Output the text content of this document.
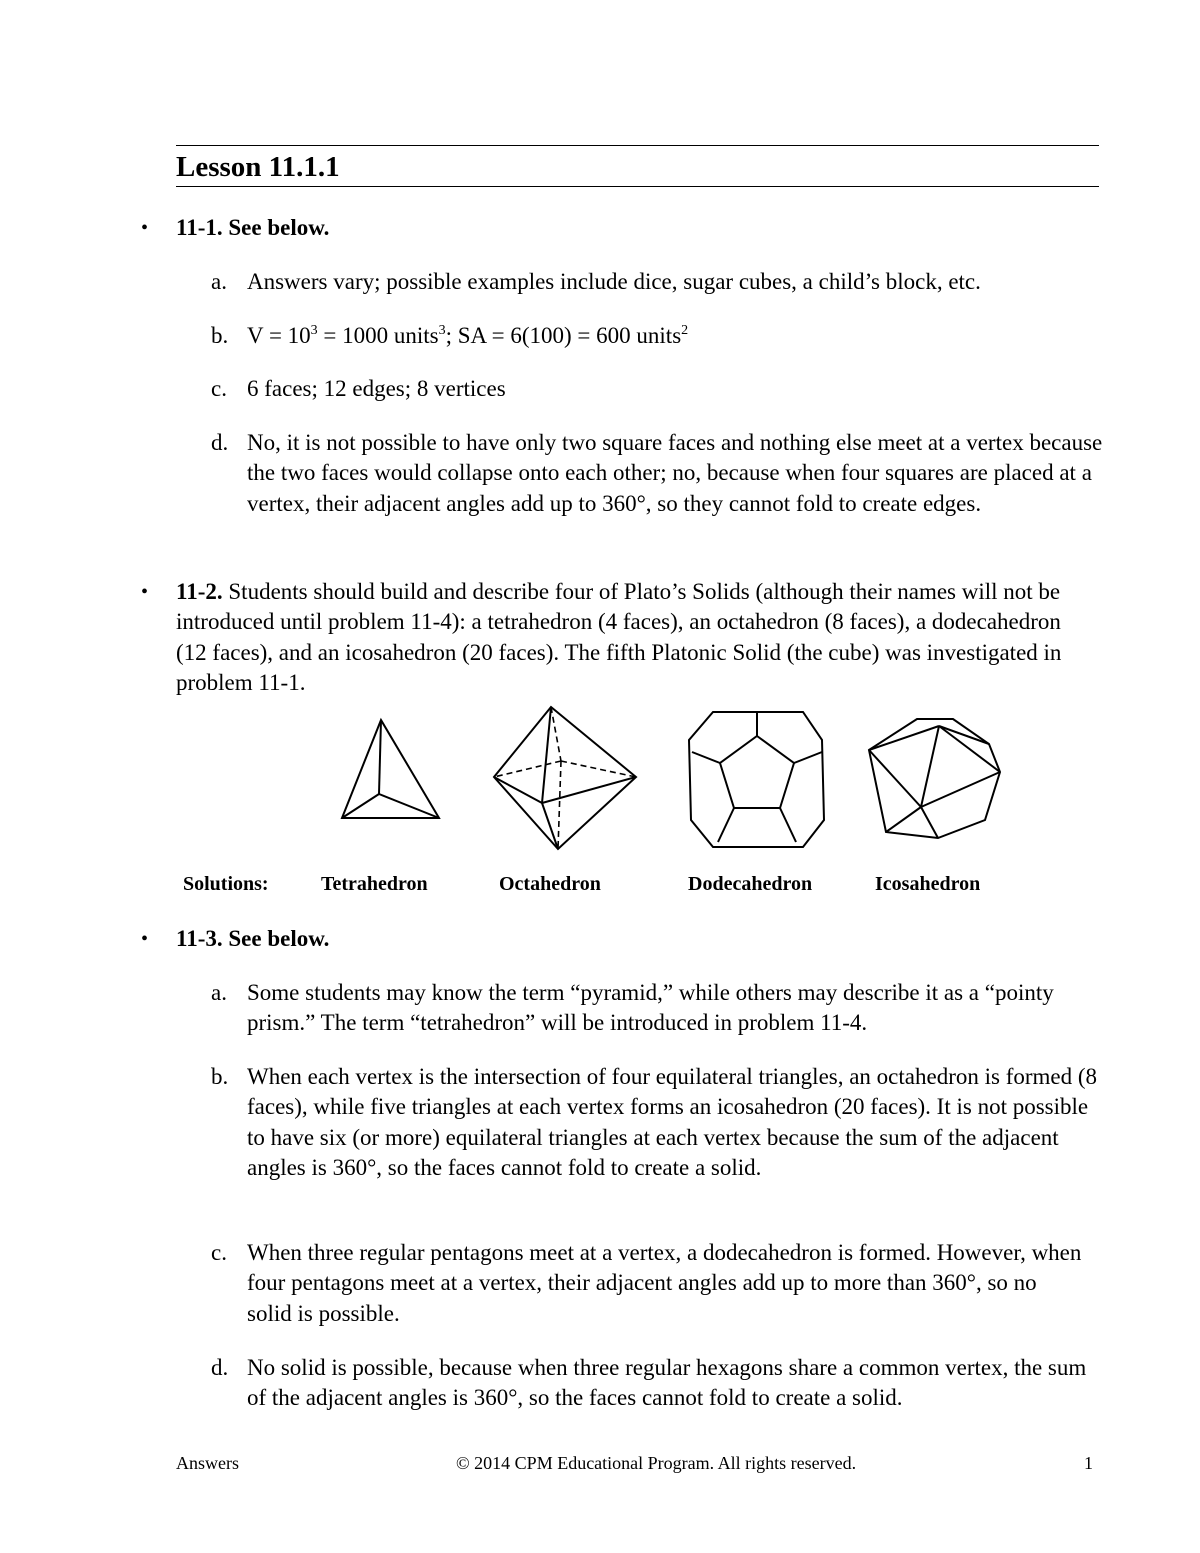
Lesson 11.1.1
• 11-1. See below.
a. Answers vary; possible examples include dice, sugar cubes, a child’s block, etc.
b. $V = 10^3 = 1000$ units$^3$; SA = 6(100) = 600 units$^2$
c. 6 faces; 12 edges; 8 vertices
d. No, it is not possible to have only two square faces and nothing else meet at a vertex because the two faces would collapse onto each other; no, because when four squares are placed at a vertex, their adjacent angles add up to 360°, so they cannot fold to create edges.
• 11-2. Students should build and describe four of Plato’s Solids (although their names will not be introduced until problem 11-4): a tetrahedron (4 faces), an octahedron (8 faces), a dodecahedron (12 faces), and an icosahedron (20 faces). The fifth Platonic Solid (the cube) was investigated in problem 11-1.
Solutions:	Tetrahedron	Octahedron	Dodecahedron	Icosahedron
• 11-3. See below.
a. Some students may know the term “pyramid,” while others may describe it as a “pointy prism.” The term “tetrahedron” will be introduced in problem 11-4.
b. When each vertex is the intersection of four equilateral triangles, an octahedron is formed (8 faces), while five triangles at each vertex forms an icosahedron (20 faces). It is not possible to have six (or more) equilateral triangles at each vertex because the sum of the adjacent angles is 360°, so the faces cannot fold to create a solid.
c. When three regular pentagons meet at a vertex, a dodecahedron is formed. However, when four pentagons meet at a vertex, their adjacent angles add up to more than 360°, so no solid is possible.
d. No solid is possible, because when three regular hexagons share a common vertex, the sum of the adjacent angles is 360°, so the faces cannot fold to create a solid.
Answers	© 2014 CPM Educational Program. All rights reserved.	1
